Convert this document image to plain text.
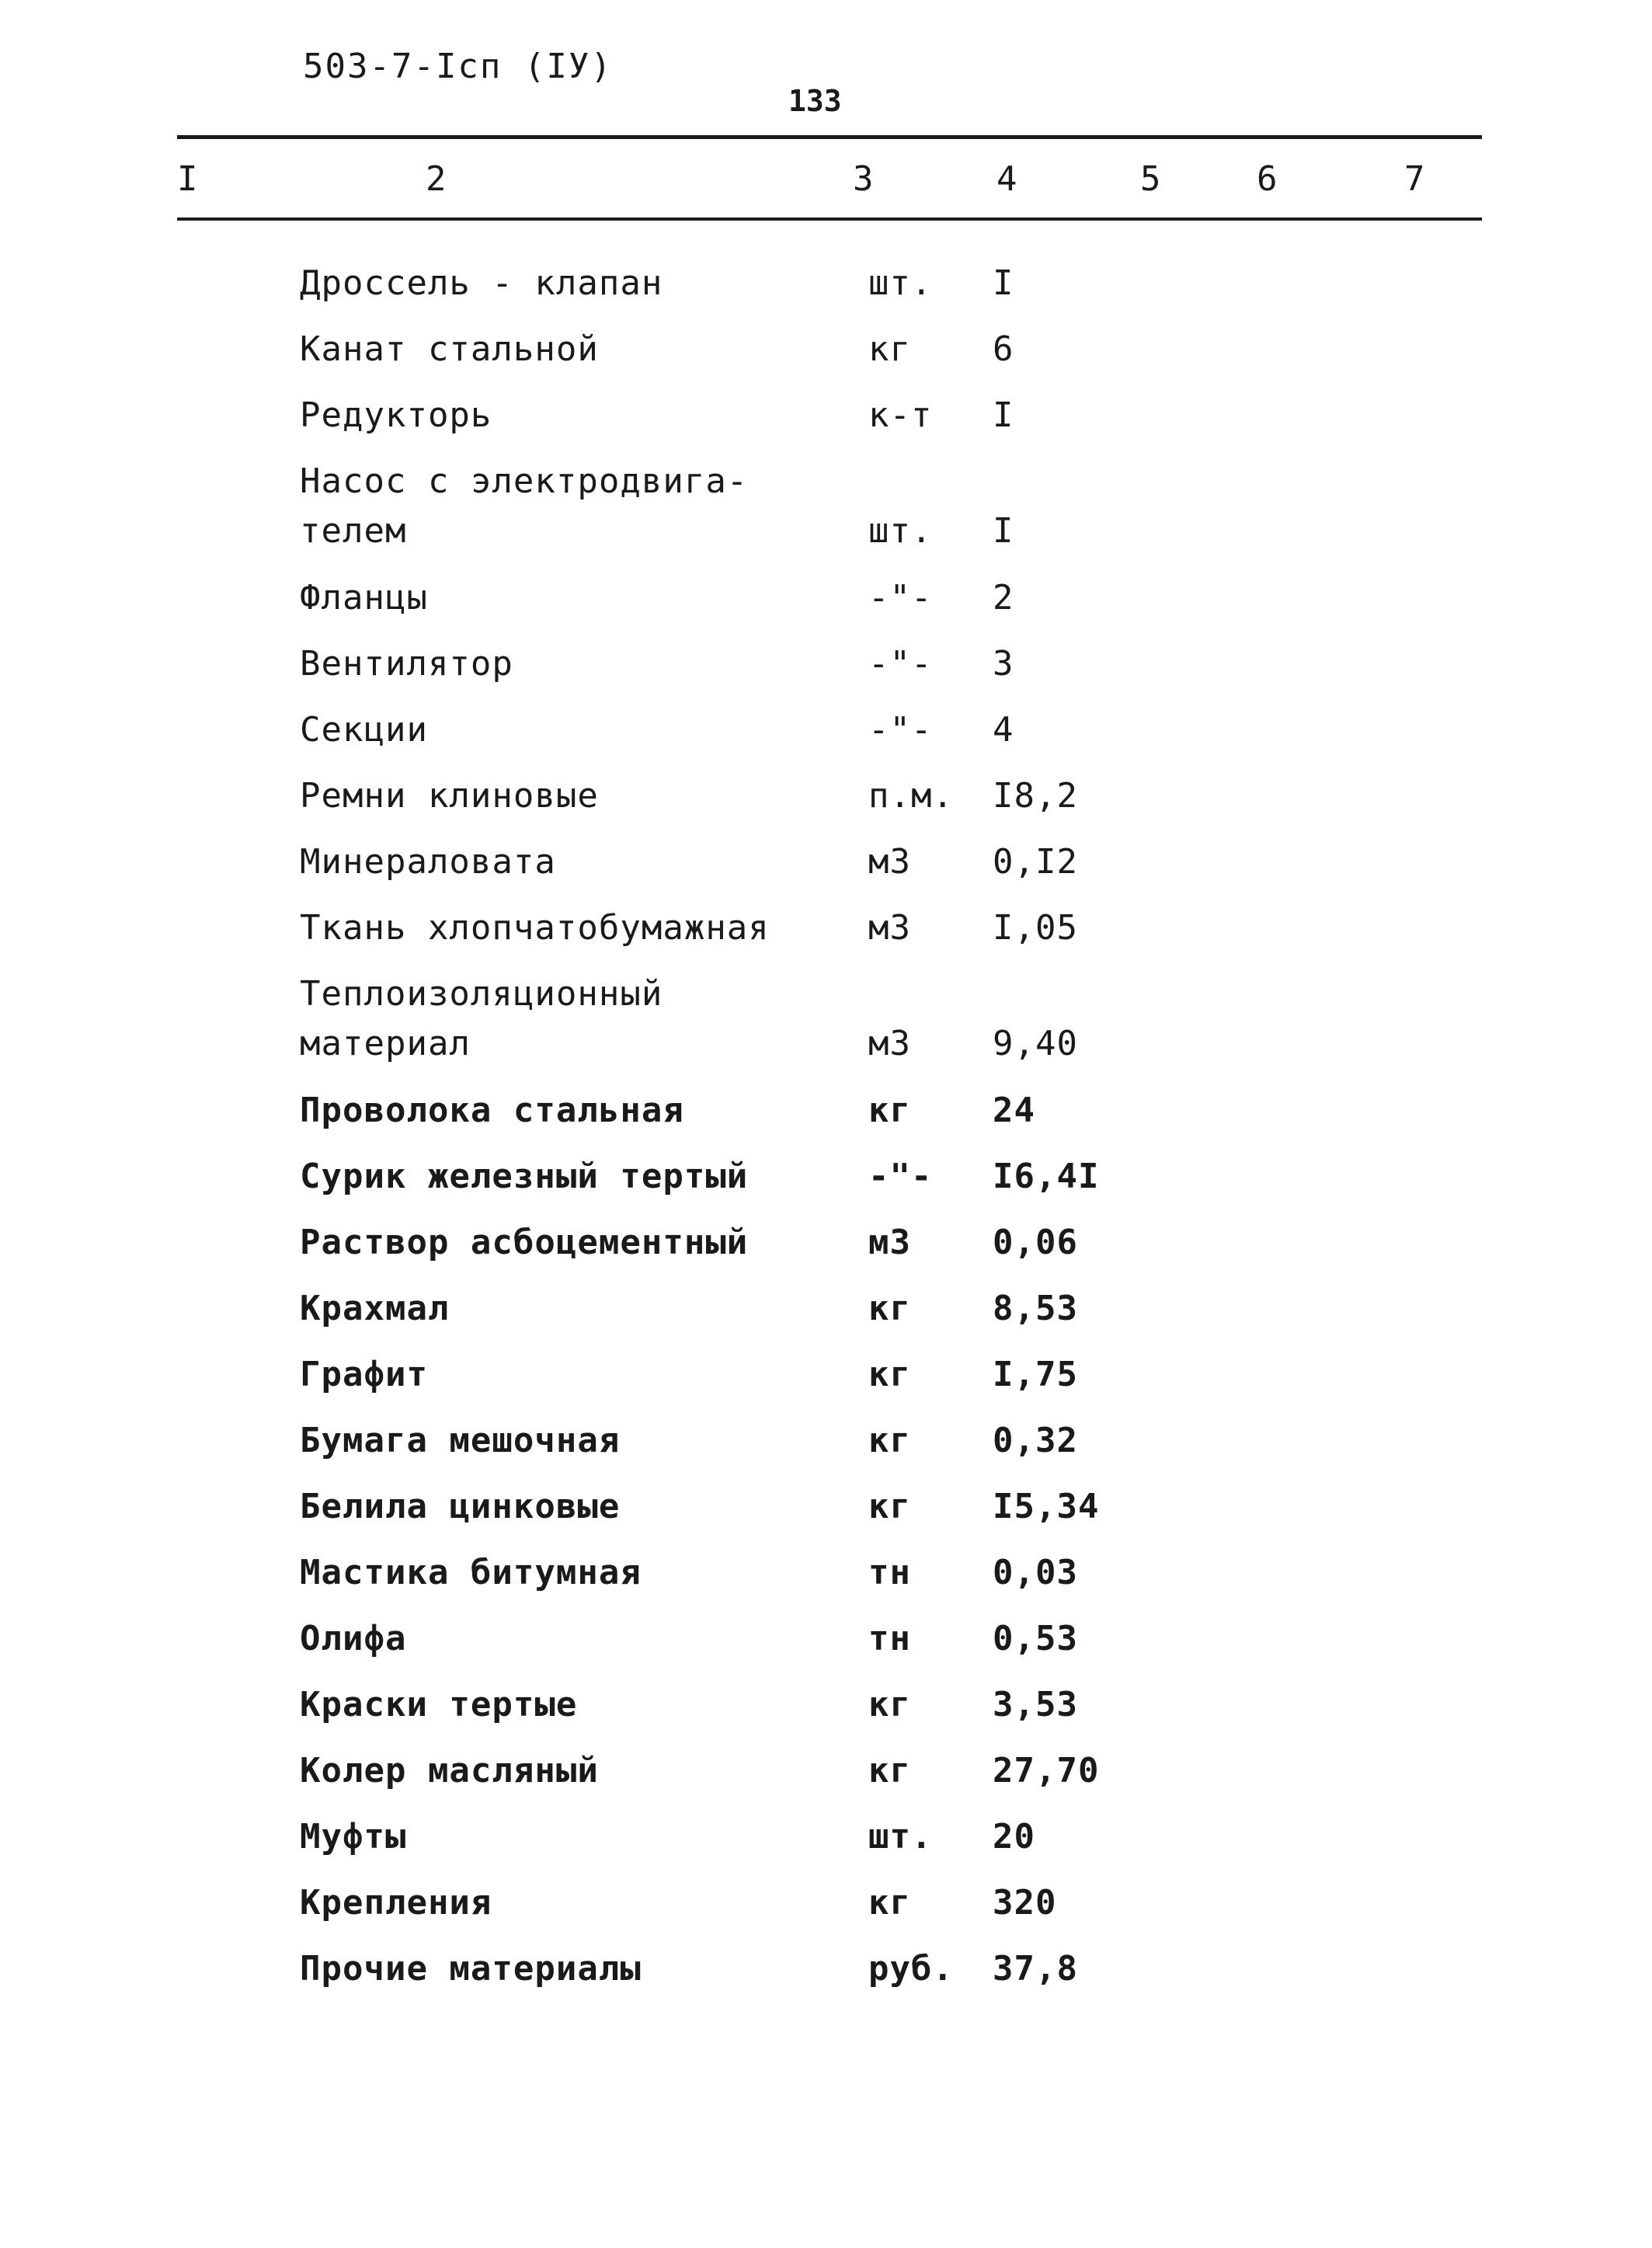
503-7-Iсп (IУ)
133
I	2	3	4	5	6	7
Дроссель - клапан	шт. I
Канат стальной	кг 6
Редукторь	к-т I
Насос с электродвига-
телем	шт. I
Фланцы	-"- 2
Вентилятор	-"- 3
Секции	-"- 4
Ремни клиновые	п.м. I8,2
Минераловата	м3 0,I2
Ткань хлопчатобумажная	м3 I,05
Теплоизоляционный
материал	м3 9,40
Проволока стальная	кг 24
Сурик железный тертый	-"- I6,4I
Раствор асбоцементный	м3 0,06
Крахмал	кг 8,53
Графит	кг I,75
Бумага мешочная	кг 0,32
Белила цинковые	кг I5,34
Мастика битумная	тн 0,03
Олифа	тн 0,53
Краски тертые	кг 3,53
Колер масляный	кг 27,70
Муфты	шт. 20
Крепления	кг 320
Прочие материалы	руб. 37,8
